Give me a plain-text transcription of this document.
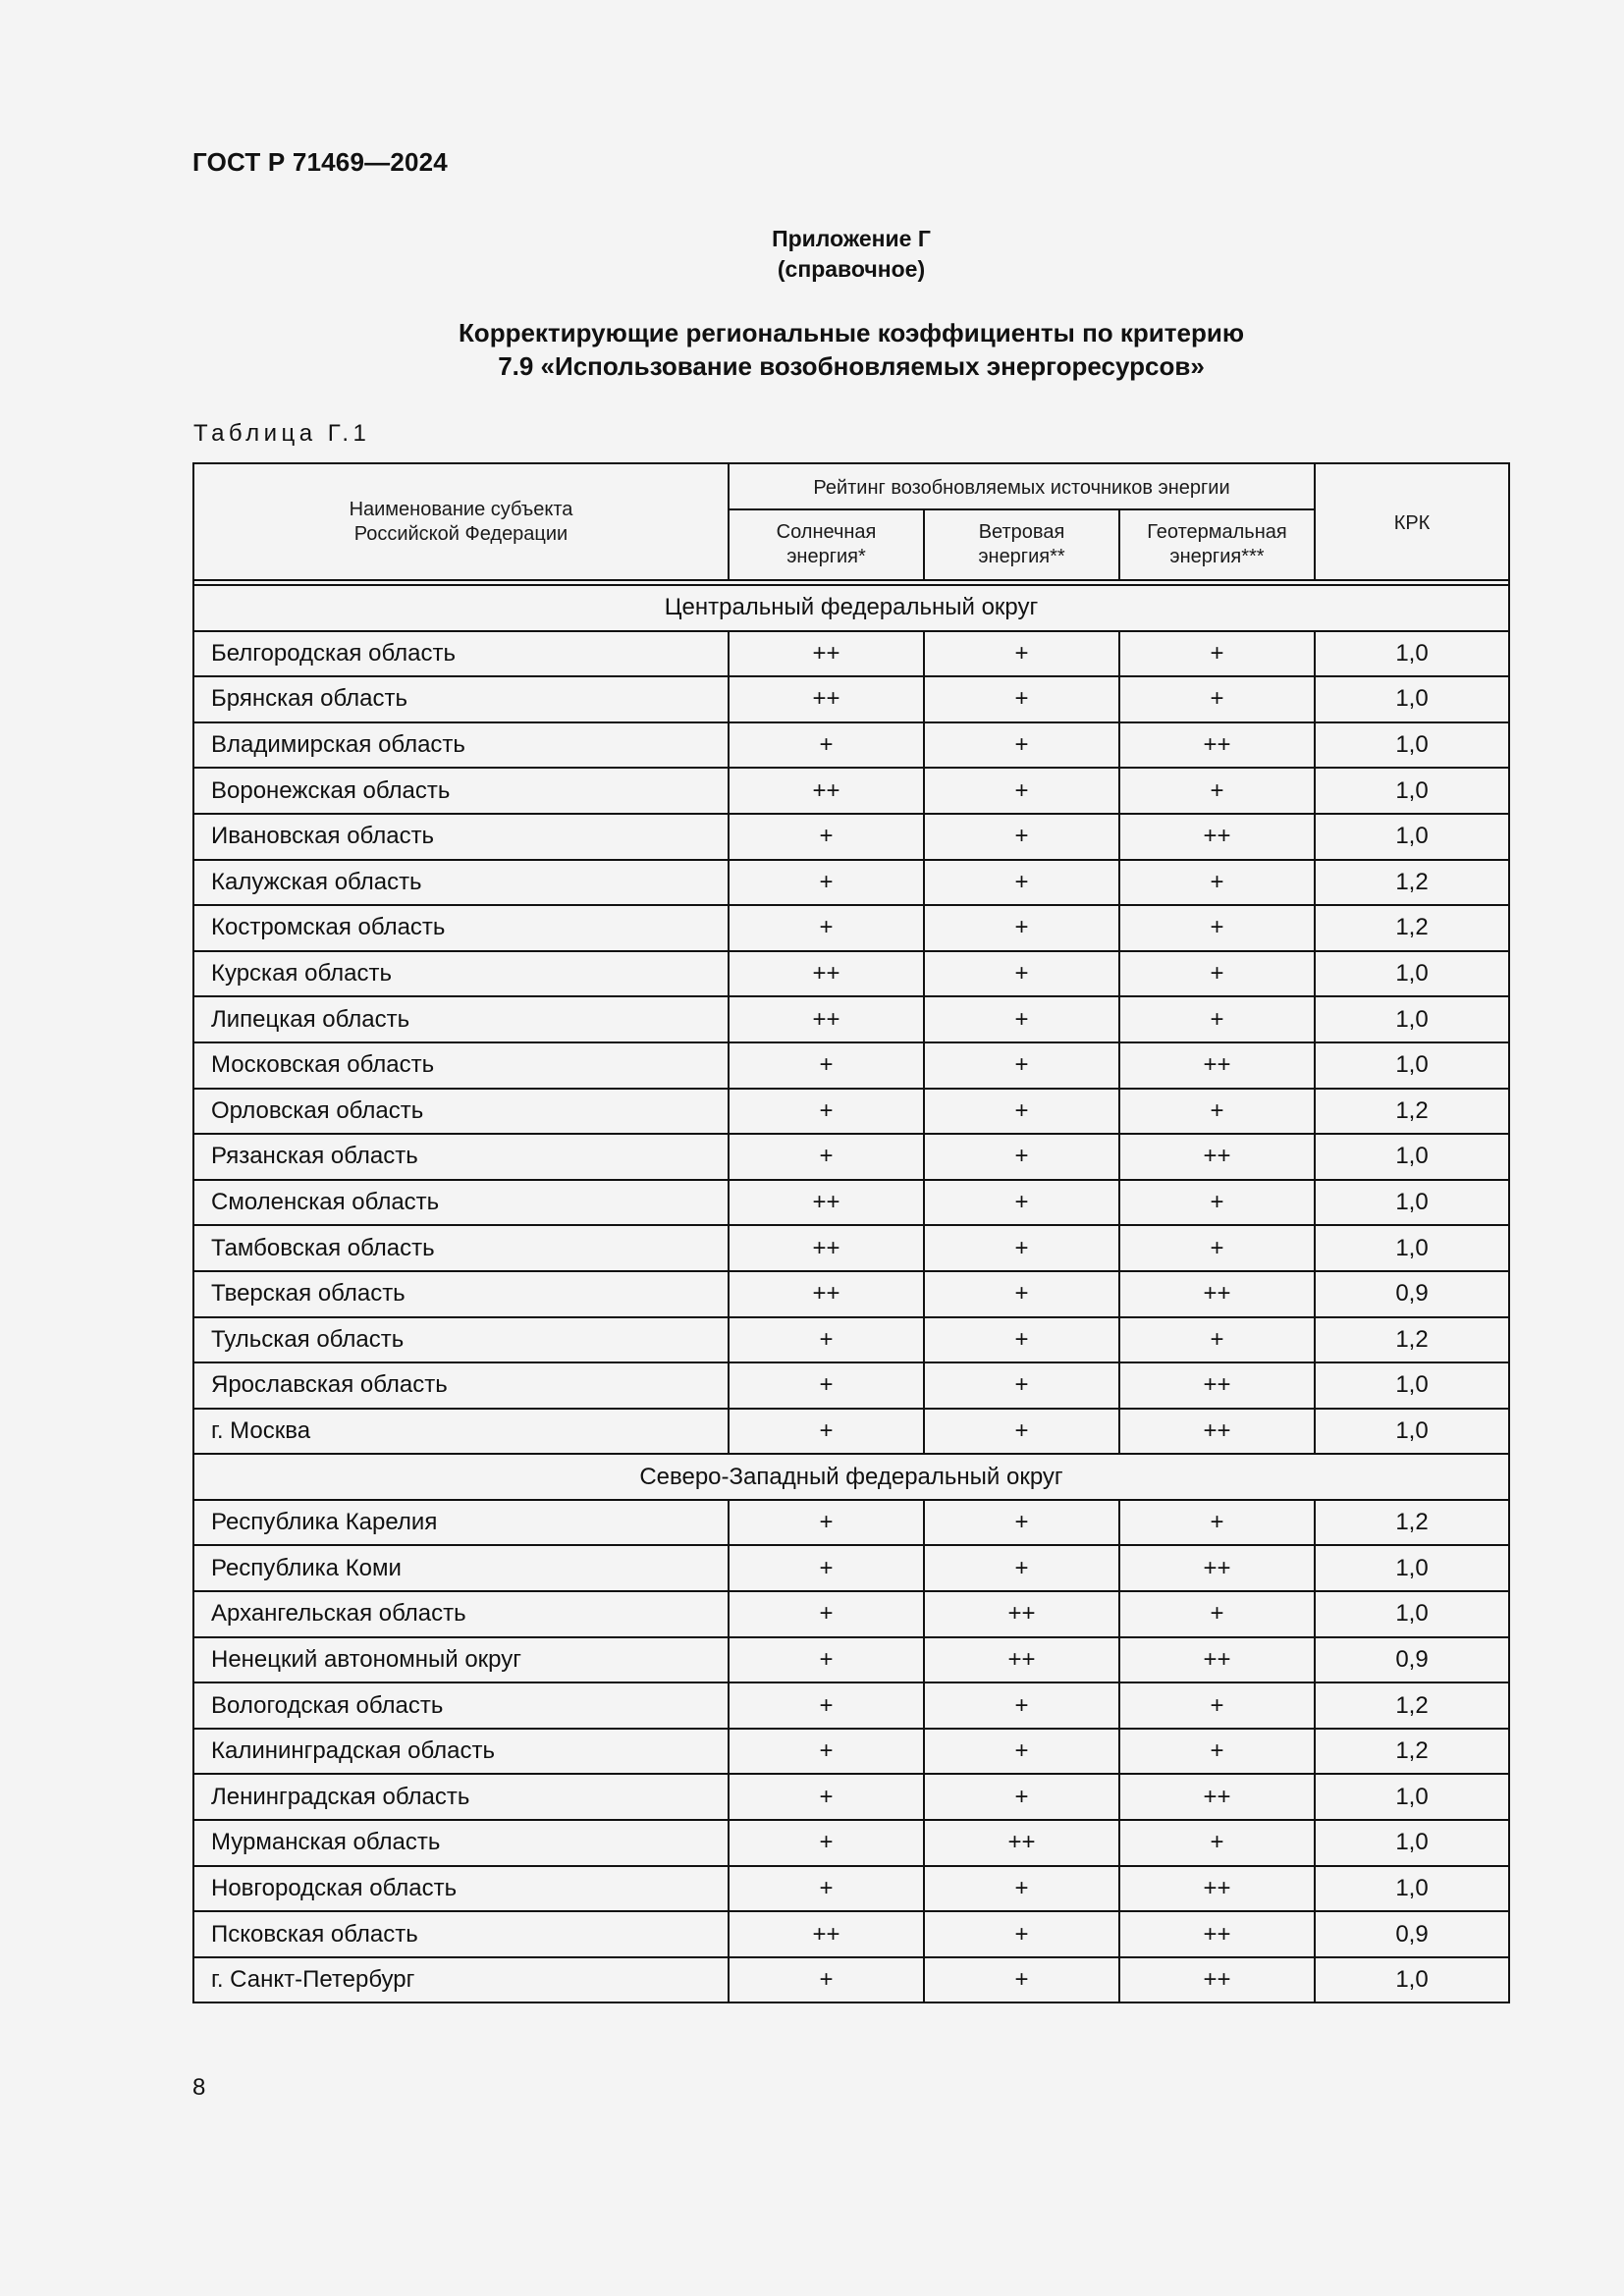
ГОСТ Р 71469—2024
Приложение Г
(справочное)
Корректирующие региональные коэффициенты по критерию
7.9 «Использование возобновляемых энергоресурсов»
Таблица Г.1
Наименование субъекта Российской Федерации	Рейтинг возобновляемых источников энергии			КРК

	Солнечная энергия*	Ветровая энергия**	Геотермальная энергия***	

Центральный федеральный округ				
Белгородская область	++	+	+	1,0
Брянская область	++	+	+	1,0
Владимирская область	+	+	++	1,0
Воронежская область	++	+	+	1,0
Ивановская область	+	+	++	1,0
Калужская область	+	+	+	1,2
Костромская область	+	+	+	1,2
Курская область	++	+	+	1,0
Липецкая область	++	+	+	1,0
Московская область	+	+	++	1,0
Орловская область	+	+	+	1,2
Рязанская область	+	+	++	1,0
Смоленская область	++	+	+	1,0
Тамбовская область	++	+	+	1,0
Тверская область	++	+	++	0,9
Тульская область	+	+	+	1,2
Ярославская область	+	+	++	1,0
г. Москва	+	+	++	1,0
Северо-Западный федеральный округ				
Республика Карелия	+	+	+	1,2
Республика Коми	+	+	++	1,0
Архангельская область	+	++	+	1,0
Ненецкий автономный округ	+	++	++	0,9
Вологодская область	+	+	+	1,2
Калининградская область	+	+	+	1,2
Ленинградская область	+	+	++	1,0
Мурманская область	+	++	+	1,0
Новгородская область	+	+	++	1,0
Псковская область	++	+	++	0,9
г. Санкт-Петербург	+	+	++	1,0
8
